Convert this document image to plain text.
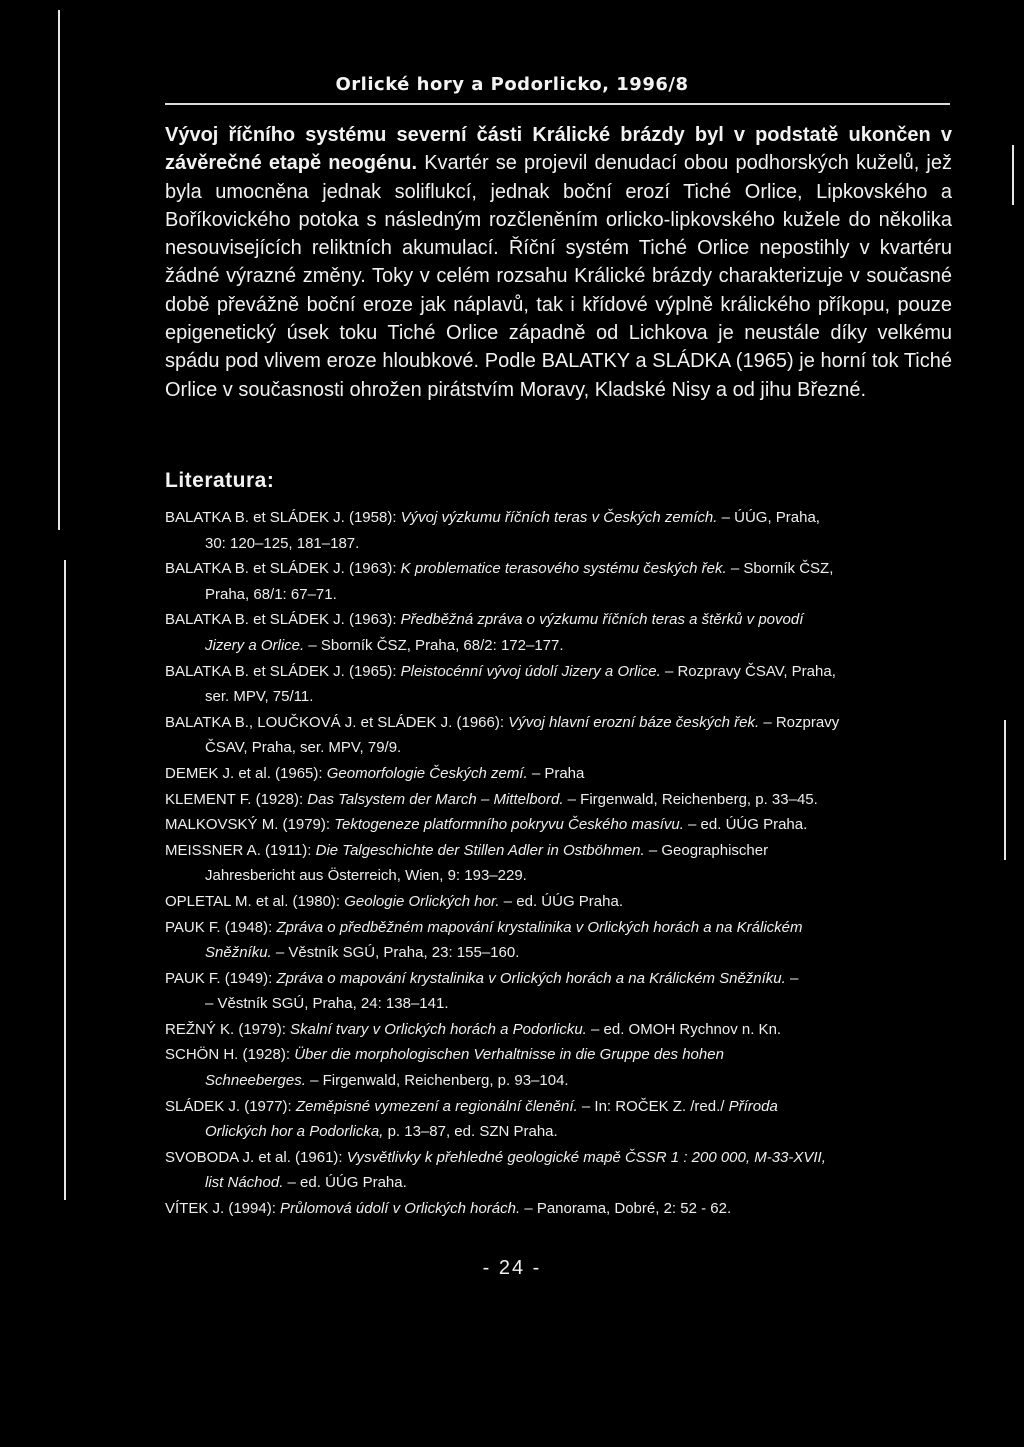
Orlické hory a Podorlicko, 1996/8
Vývoj říčního systému severní části Králické brázdy byl v podstatě ukončen v závěrečné etapě neogénu. Kvartér se projevil denudací obou podhorských kuželů, jež byla umocněna jednak soliflukcí, jednak boční erozí Tiché Orlice, Lipkovského a Boříkovického potoka s následným rozčleněním orlicko-lipkovského kužele do několika nesouvisejících reliktních akumulací. Říční systém Tiché Orlice nepostihly v kvartéru žádné výrazné změny. Toky v celém rozsahu Králické brázdy charakterizuje v současné době převážně boční eroze jak náplavů, tak i křídové výplně králického příkopu, pouze epigenetický úsek toku Tiché Orlice západně od Lichkova je neustále díky velkému spádu pod vlivem eroze hloubkové. Podle BALATKY a SLÁDKA (1965) je horní tok Tiché Orlice v současnosti ohrožen pirátstvím Moravy, Kladské Nisy a od jihu Březné.
Literatura:
BALATKA B. et SLÁDEK J. (1958): Vývoj výzkumu říčních teras v Českých zemích. – ÚÚG, Praha,
30: 120–125, 181–187.
BALATKA B. et SLÁDEK J. (1963): K problematice terasového systému českých řek. – Sborník ČSZ,
Praha, 68/1: 67–71.
BALATKA B. et SLÁDEK J. (1963): Předběžná zpráva o výzkumu říčních teras a štěrků v povodí
Jizery a Orlice. – Sborník ČSZ, Praha, 68/2: 172–177.
BALATKA B. et SLÁDEK J. (1965): Pleistocénní vývoj údolí Jizery a Orlice. – Rozpravy ČSAV, Praha,
ser. MPV, 75/11.
BALATKA B., LOUČKOVÁ J. et SLÁDEK J. (1966): Vývoj hlavní erozní báze českých řek. – Rozpravy
ČSAV, Praha, ser. MPV, 79/9.
DEMEK J. et al. (1965): Geomorfologie Českých zemí. – Praha
KLEMENT F. (1928): Das Talsystem der March – Mittelbord. – Firgenwald, Reichenberg, p. 33–45.
MALKOVSKÝ M. (1979): Tektogeneze platformního pokryvu Českého masívu. – ed. ÚÚG Praha.
MEISSNER A. (1911): Die Talgeschichte der Stillen Adler in Ostböhmen. – Geographischer
Jahresbericht aus Österreich, Wien, 9: 193–229.
OPLETAL M. et al. (1980): Geologie Orlických hor. – ed. ÚÚG Praha.
PAUK F. (1948): Zpráva o předběžném mapování krystalinika v Orlických horách a na Králickém
Sněžníku. – Věstník SGÚ, Praha, 23: 155–160.
PAUK F. (1949): Zpráva o mapování krystalinika v Orlických horách a na Králickém Sněžníku. –
– Věstník SGÚ, Praha, 24: 138–141.
REŽNÝ K. (1979): Skalní tvary v Orlických horách a Podorlicku. – ed. OMOH Rychnov n. Kn.
SCHÖN H. (1928): Über die morphologischen Verhaltnisse in die Gruppe des hohen
Schneeberges. – Firgenwald, Reichenberg, p. 93–104.
SLÁDEK J. (1977): Zeměpisné vymezení a regionální členění. – In: ROČEK Z. /red./ Příroda
Orlických hor a Podorlicka, p. 13–87, ed. SZN Praha.
SVOBODA J. et al. (1961): Vysvětlivky k přehledné geologické mapě ČSSR 1 : 200 000, M-33-XVII,
list Náchod. – ed. ÚÚG Praha.
VÍTEK J. (1994): Průlomová údolí v Orlických horách. – Panorama, Dobré, 2: 52 - 62.
- 24 -
